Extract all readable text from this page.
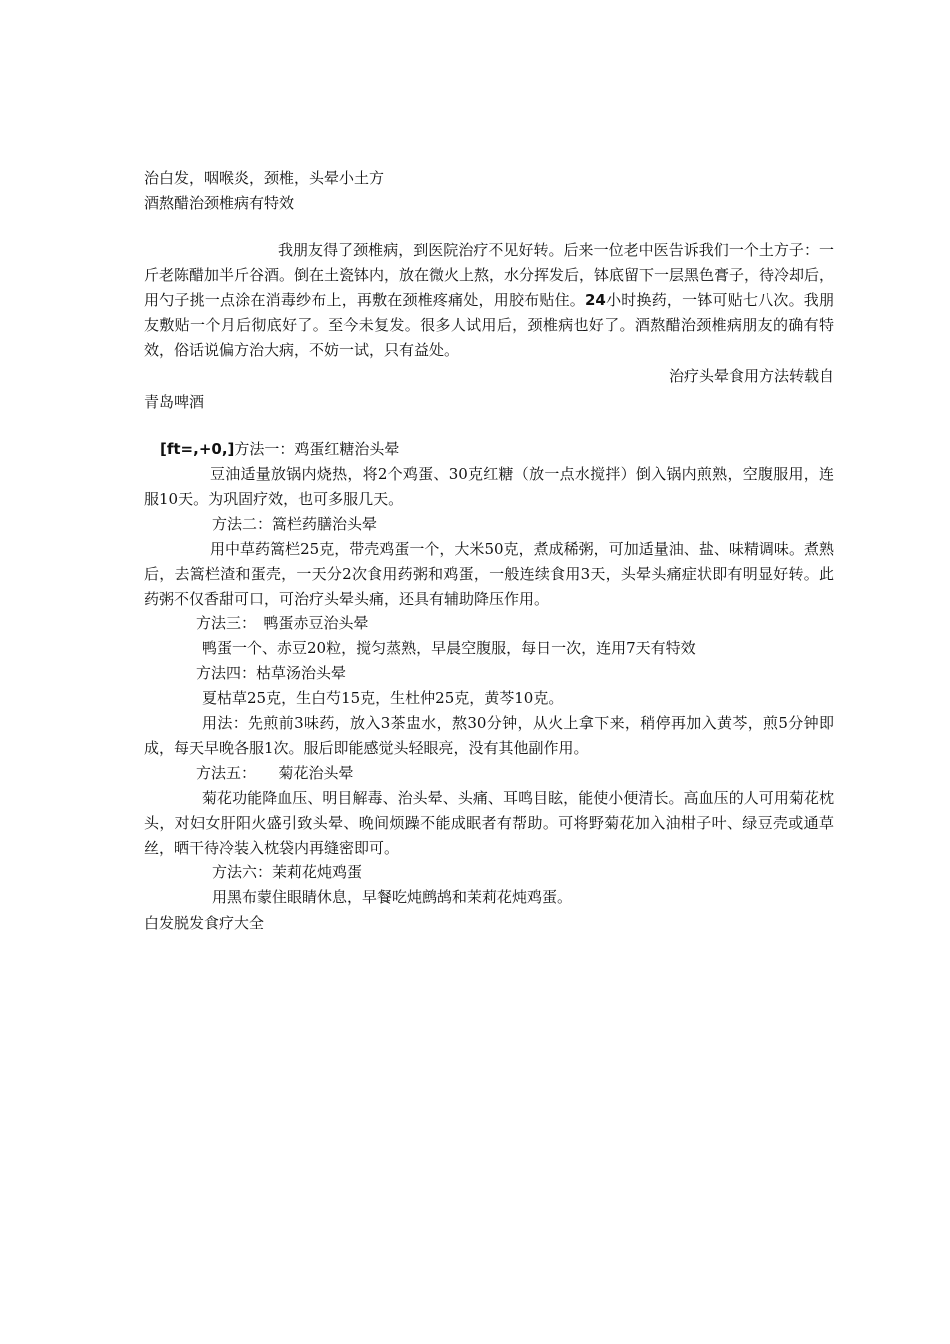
治白发，咽喉炎，颈椎，头晕小土方
酒熬醋治颈椎病有特效
我朋友得了颈椎病，到医院治疗不见好转。后来一位老中医告诉我们一个土方子：一斤老陈醋加半斤谷酒。倒在土瓷钵内，放在微火上熬，水分挥发后，钵底留下一层黑色膏子，待冷却后，用勺子挑一点涂在消毒纱布上，再敷在颈椎疼痛处，用胶布贴住。24小时换药，一钵可贴七八次。我朋友敷贴一个月后彻底好了。至今未复发。很多人试用后，颈椎病也好了。酒熬醋治颈椎病朋友的确有特效，俗话说偏方治大病，不妨一试，只有益处。
治疗头晕食用方法转载自
青岛啤酒
[ft=,+0,]方法一：鸡蛋红糖治头晕
豆油适量放锅内烧热，将2个鸡蛋、30克红糖（放一点水搅拌）倒入锅内煎熟，空腹服用，连服10天。为巩固疗效，也可多服几天。
方法二：篙栏药膳治头晕
用中草药篙栏25克，带壳鸡蛋一个，大米50克，煮成稀粥，可加适量油、盐、味精调味。煮熟后，去篙栏渣和蛋壳，一天分2次食用药粥和鸡蛋，一般连续食用3天，头晕头痛症状即有明显好转。此药粥不仅香甜可口，可治疗头晕头痛，还具有辅助降压作用。
方法三：　鸭蛋赤豆治头晕
鸭蛋一个、赤豆20粒，搅匀蒸熟，早晨空腹服，每日一次，连用7天有特效
方法四：枯草汤治头晕
夏枯草25克，生白芍15克，生杜仲25克，黄芩10克。
用法：先煎前3味药，放入3茶盅水，熬30分钟，从火上拿下来，稍停再加入黄芩，煎5分钟即成，每天早晚各服1次。服后即能感觉头轻眼亮，没有其他副作用。
方法五：　　菊花治头晕
菊花功能降血压、明目解毒、治头晕、头痛、耳鸣目眩，能使小便清长。高血压的人可用菊花枕头，对妇女肝阳火盛引致头晕、晚间烦躁不能成眠者有帮助。可将野菊花加入油柑子叶、绿豆壳或通草丝，晒干待冷装入枕袋内再缝密即可。
方法六：茉莉花炖鸡蛋
用黑布蒙住眼睛休息，早餐吃炖鹧鸪和茉莉花炖鸡蛋。
白发脱发食疗大全
